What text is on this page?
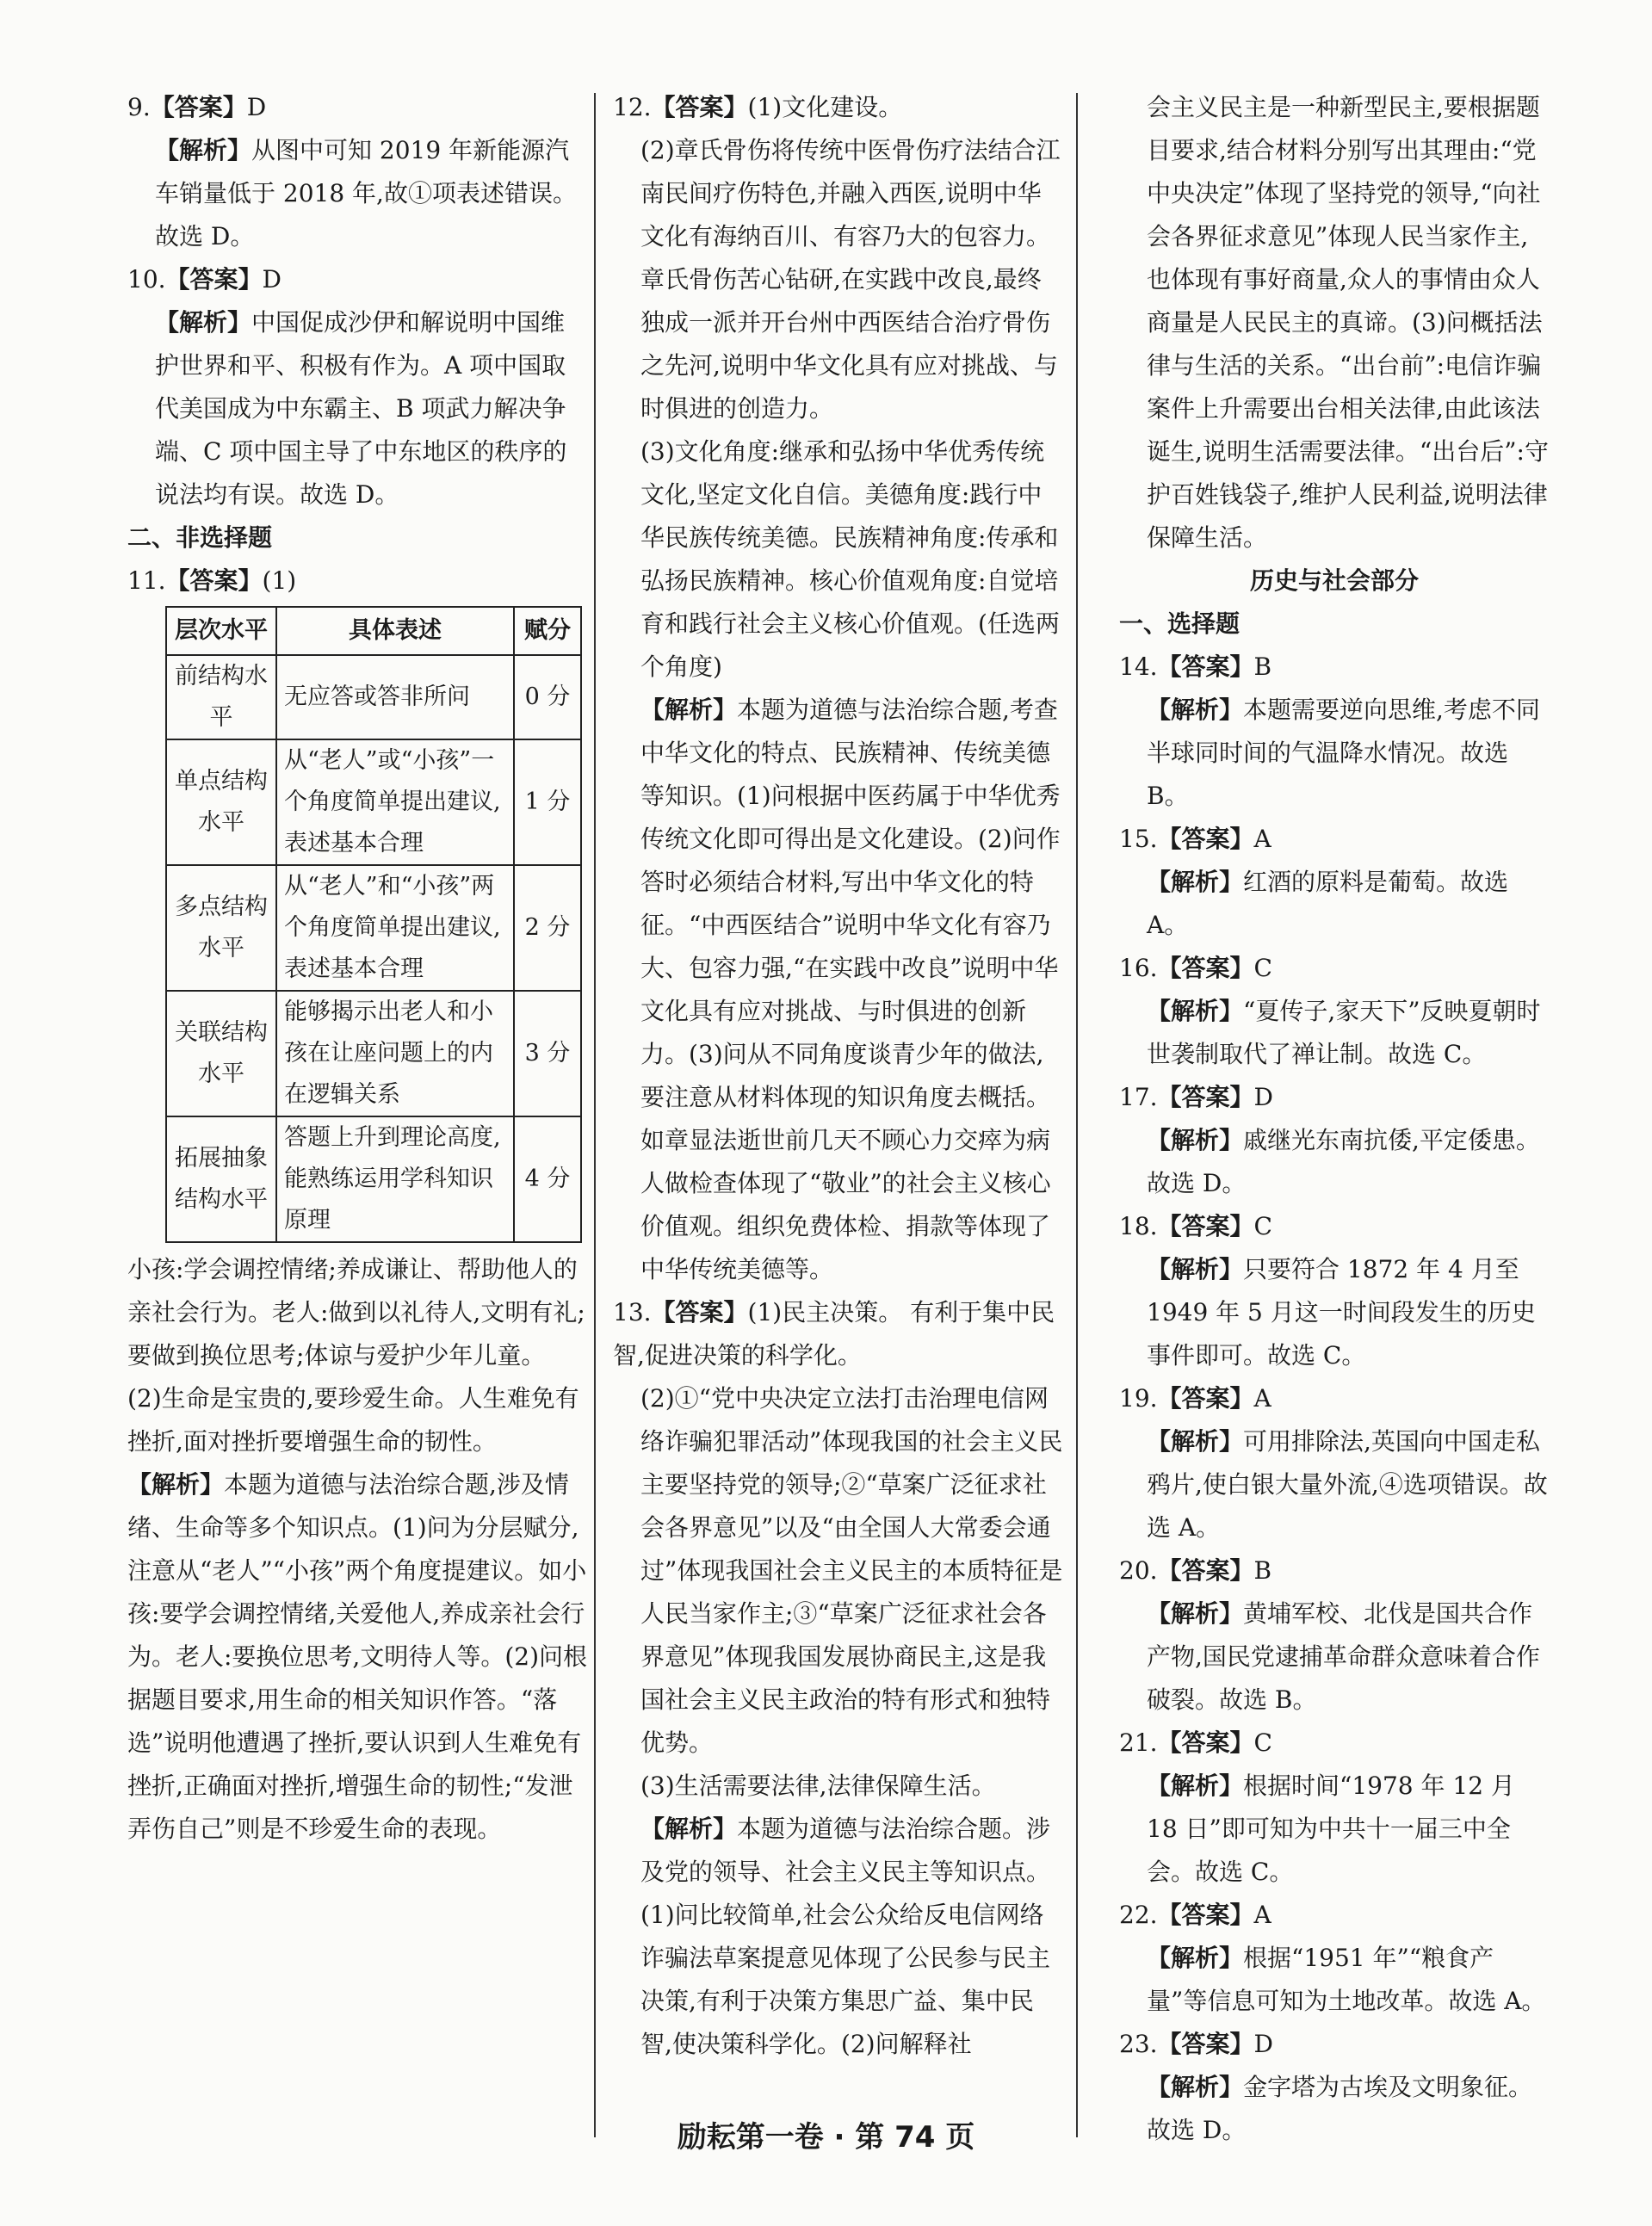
9.【答案】D

【解析】从图中可知 2019 年新能源汽车销量低于 2018 年,故①项表述错误。故选 D。

10.【答案】D

【解析】中国促成沙伊和解说明中国维护世界和平、积极有作为。A 项中国取代美国成为中东霸主、B 项武力解决争端、C 项中国主导了中东地区的秩序的说法均有误。故选 D。

二、非选择题

11.【答案】(1)

层次水平	具体表述	赋分
前结构水平	无应答或答非所问	0 分
单点结构水平	从“老人”或“小孩”一个角度简单提出建议,表述基本合理	1 分
多点结构水平	从“老人”和“小孩”两个角度简单提出建议,表述基本合理	2 分
关联结构水平	能够揭示出老人和小孩在让座问题上的内在逻辑关系	3 分
拓展抽象结构水平	答题上升到理论高度,能熟练运用学科知识原理	4 分

小孩:学会调控情绪;养成谦让、帮助他人的亲社会行为。老人:做到以礼待人,文明有礼;要做到换位思考;体谅与爱护少年儿童。

(2)生命是宝贵的,要珍爱生命。人生难免有挫折,面对挫折要增强生命的韧性。

【解析】本题为道德与法治综合题,涉及情绪、生命等多个知识点。(1)问为分层赋分,注意从“老人”“小孩”两个角度提建议。如小孩:要学会调控情绪,关爱他人,养成亲社会行为。老人:要换位思考,文明待人等。(2)问根据题目要求,用生命的相关知识作答。“落选”说明他遭遇了挫折,要认识到人生难免有挫折,正确面对挫折,增强生命的韧性;“发泄弄伤自己”则是不珍爱生命的表现。

12.【答案】(1)文化建设。

(2)章氏骨伤将传统中医骨伤疗法结合江南民间疗伤特色,并融入西医,说明中华文化有海纳百川、有容乃大的包容力。章氏骨伤苦心钻研,在实践中改良,最终独成一派并开台州中西医结合治疗骨伤之先河,说明中华文化具有应对挑战、与时俱进的创造力。

(3)文化角度:继承和弘扬中华优秀传统文化,坚定文化自信。美德角度:践行中华民族传统美德。民族精神角度:传承和弘扬民族精神。核心价值观角度:自觉培育和践行社会主义核心价值观。(任选两个角度)

【解析】本题为道德与法治综合题,考查中华文化的特点、民族精神、传统美德等知识。(1)问根据中医药属于中华优秀传统文化即可得出是文化建设。(2)问作答时必须结合材料,写出中华文化的特征。“中西医结合”说明中华文化有容乃大、包容力强,“在实践中改良”说明中华文化具有应对挑战、与时俱进的创新力。(3)问从不同角度谈青少年的做法,要注意从材料体现的知识角度去概括。如章显法逝世前几天不顾心力交瘁为病人做检查体现了“敬业”的社会主义核心价值观。组织免费体检、捐款等体现了中华传统美德等。

13.【答案】(1)民主决策。 有利于集中民智,促进决策的科学化。

(2)①“党中央决定立法打击治理电信网络诈骗犯罪活动”体现我国的社会主义民主要坚持党的领导;②“草案广泛征求社会各界意见”以及“由全国人大常委会通过”体现我国社会主义民主的本质特征是人民当家作主;③“草案广泛征求社会各界意见”体现我国发展协商民主,这是我国社会主义民主政治的特有形式和独特优势。

(3)生活需要法律,法律保障生活。

【解析】本题为道德与法治综合题。涉及党的领导、社会主义民主等知识点。(1)问比较简单,社会公众给反电信网络诈骗法草案提意见体现了公民参与民主决策,有利于决策方集思广益、集中民智,使决策科学化。(2)问解释社

会主义民主是一种新型民主,要根据题目要求,结合材料分别写出其理由:“党中央决定”体现了坚持党的领导,“向社会各界征求意见”体现人民当家作主,也体现有事好商量,众人的事情由众人商量是人民民主的真谛。(3)问概括法律与生活的关系。“出台前”:电信诈骗案件上升需要出台相关法律,由此该法诞生,说明生活需要法律。“出台后”:守护百姓钱袋子,维护人民利益,说明法律保障生活。

历史与社会部分

一、选择题

14.【答案】B

【解析】本题需要逆向思维,考虑不同半球同时间的气温降水情况。故选 B。

15.【答案】A

【解析】红酒的原料是葡萄。故选 A。

16.【答案】C

【解析】“夏传子,家天下”反映夏朝时世袭制取代了禅让制。故选 C。

17.【答案】D

【解析】戚继光东南抗倭,平定倭患。故选 D。

18.【答案】C

【解析】只要符合 1872 年 4 月至 1949 年 5 月这一时间段发生的历史事件即可。故选 C。

19.【答案】A

【解析】可用排除法,英国向中国走私鸦片,使白银大量外流,④选项错误。故选 A。

20.【答案】B

【解析】黄埔军校、北伐是国共合作产物,国民党逮捕革命群众意味着合作破裂。故选 B。

21.【答案】C

【解析】根据时间“1978 年 12 月 18 日”即可知为中共十一届三中全会。故选 C。

22.【答案】A

【解析】根据“1951 年”“粮食产量”等信息可知为土地改革。故选 A。

23.【答案】D

【解析】金字塔为古埃及文明象征。故选 D。

励耘第一卷 · 第 74 页
